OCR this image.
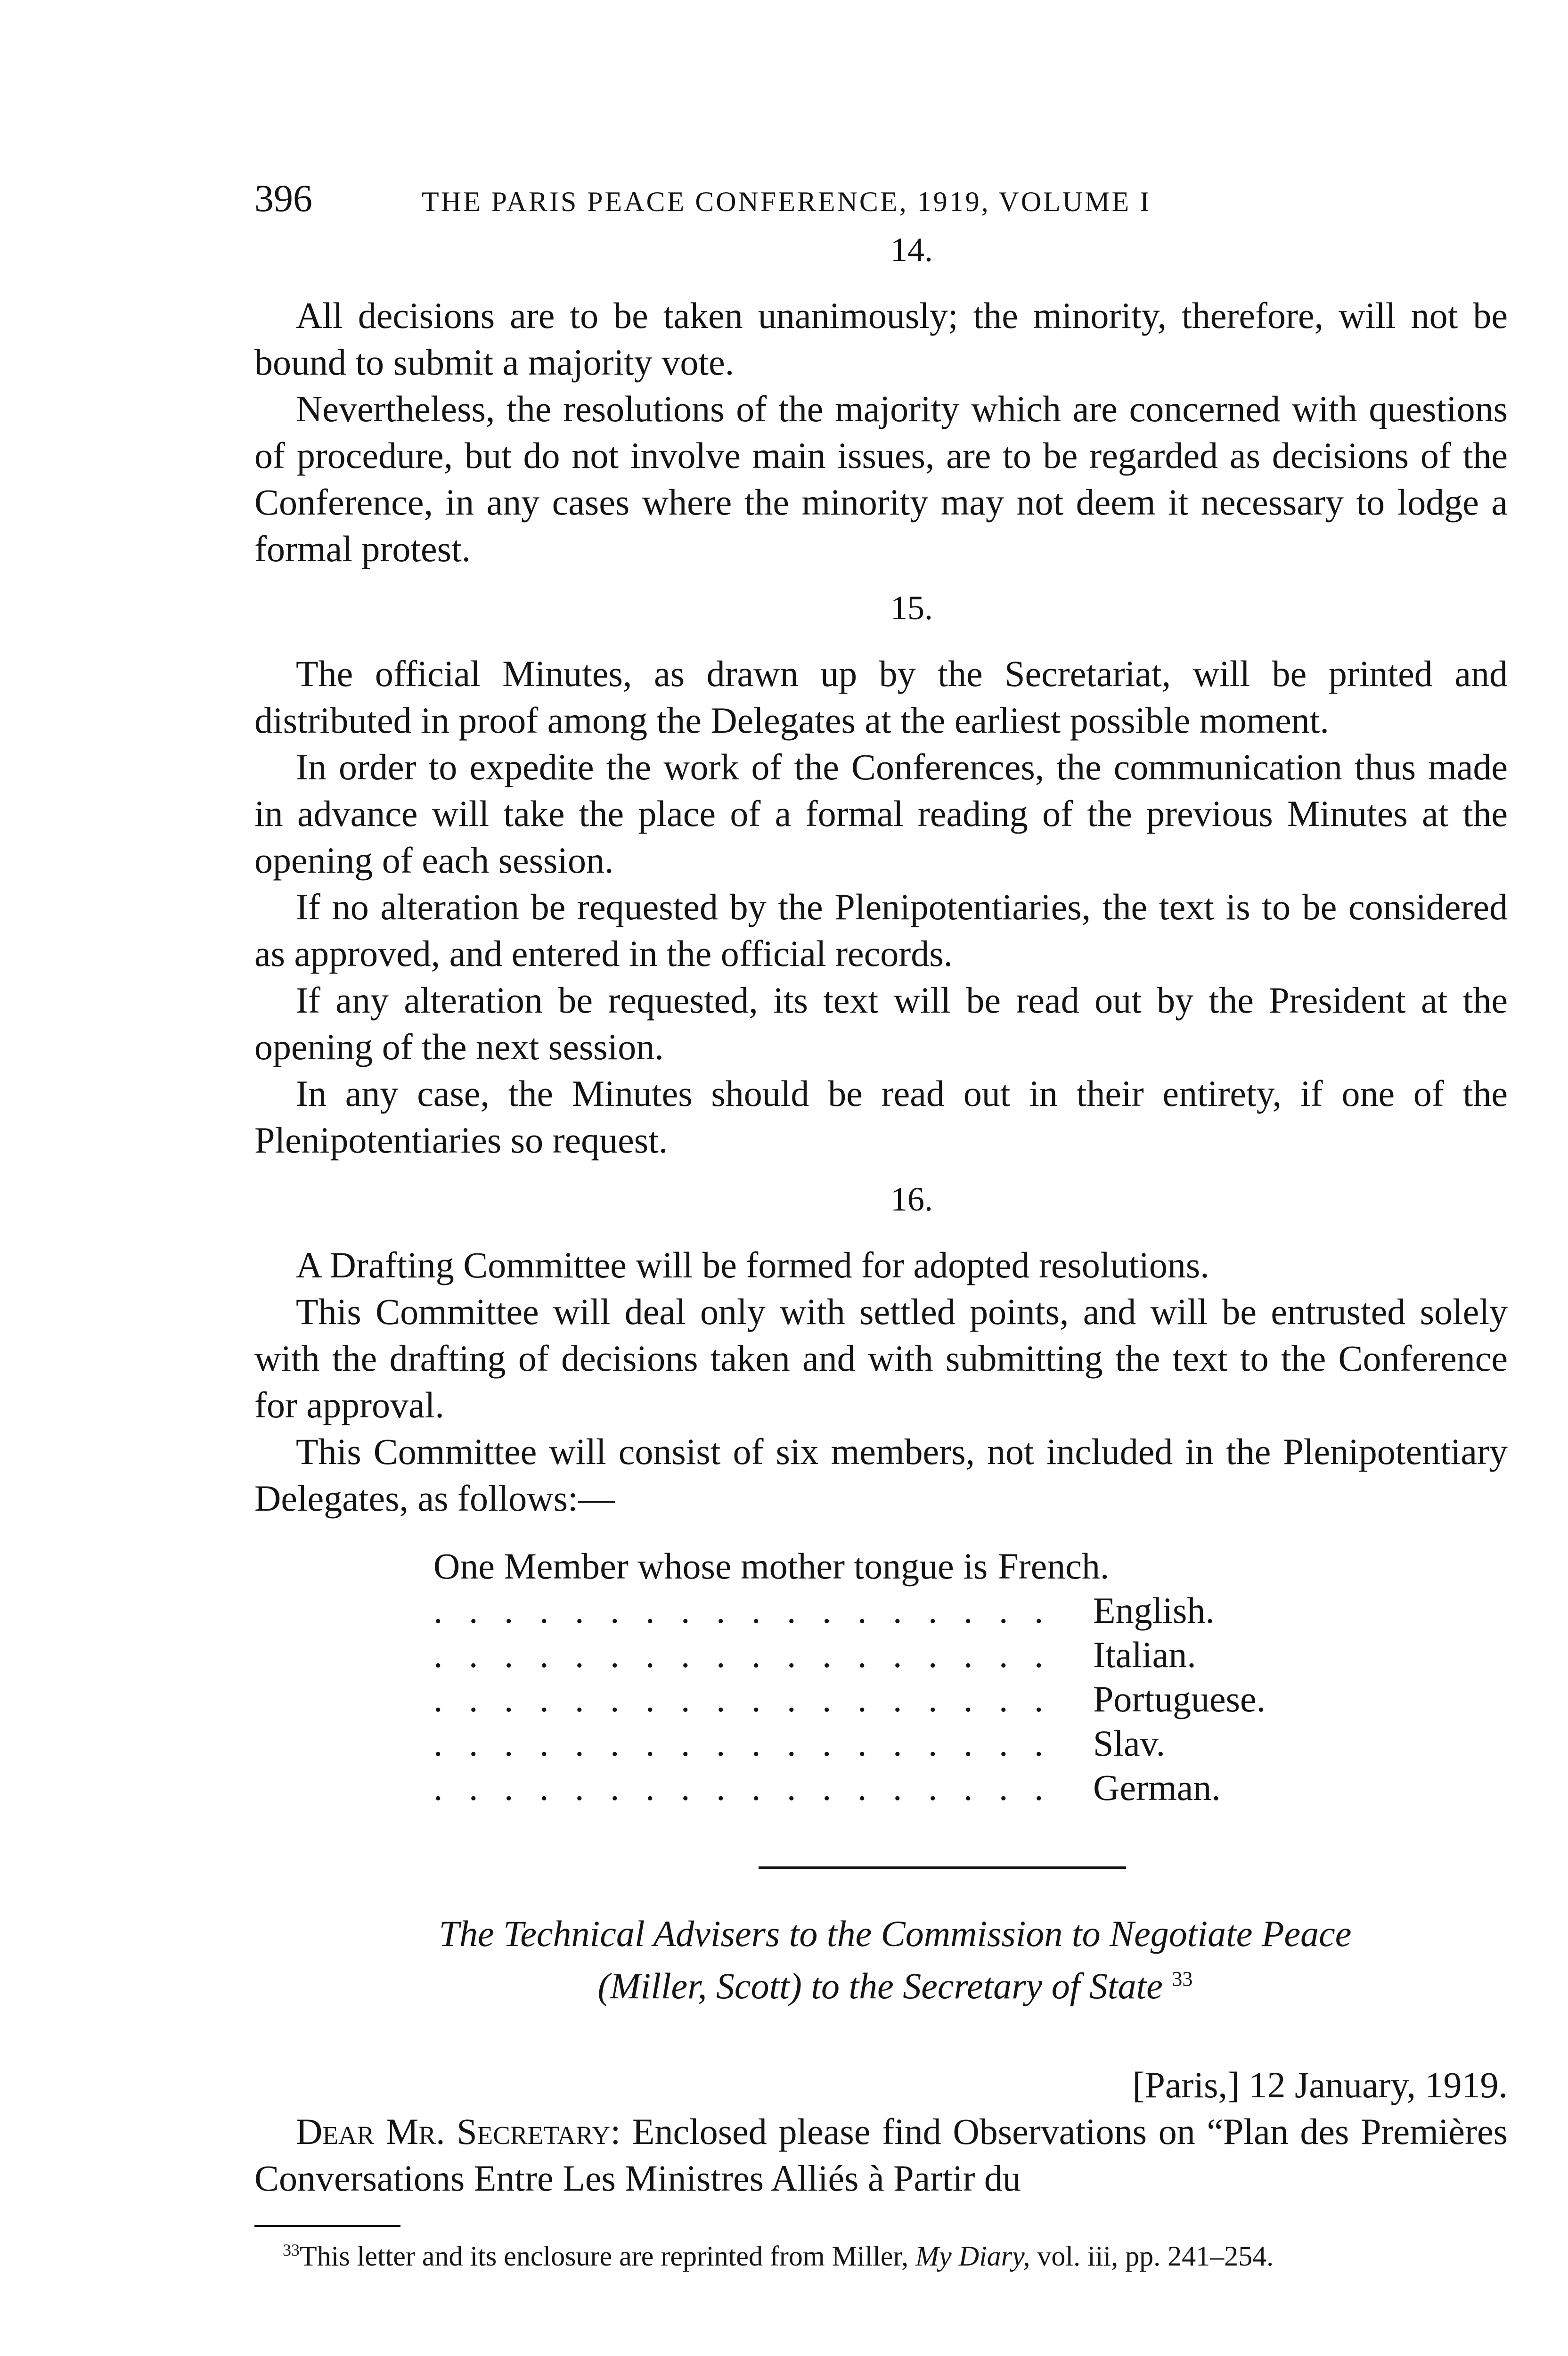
396	THE PARIS PEACE CONFERENCE, 1919, VOLUME I
14.

All decisions are to be taken unanimously; the minority, therefore, will not be bound to submit a majority vote.

Nevertheless, the resolutions of the majority which are concerned with questions of procedure, but do not involve main issues, are to be regarded as decisions of the Conference, in any cases where the minority may not deem it necessary to lodge a formal protest.

15.

The official Minutes, as drawn up by the Secretariat, will be printed and distributed in proof among the Delegates at the earliest possible moment.

In order to expedite the work of the Conferences, the communication thus made in advance will take the place of a formal reading of the previous Minutes at the opening of each session.

If no alteration be requested by the Plenipotentiaries, the text is to be considered as approved, and entered in the official records.

If any alteration be requested, its text will be read out by the President at the opening of the next session.

In any case, the Minutes should be read out in their entirety, if one of the Plenipotentiaries so request.

16.

A Drafting Committee will be formed for adopted resolutions.

This Committee will deal only with settled points, and will be entrusted solely with the drafting of decisions taken and with submitting the text to the Conference for approval.

This Committee will consist of six members, not included in the Plenipotentiary Delegates, as follows:—

One Member whose mother tongue is French.
. . . . . . . . . . . . . . . . . .	English.
. . . . . . . . . . . . . . . . . .	Italian.
. . . . . . . . . . . . . . . . . .	Portuguese.
. . . . . . . . . . . . . . . . . .	Slav.
. . . . . . . . . . . . . . . . . .	German.
The Technical Advisers to the Commission to Negotiate Peace
(Miller, Scott) to the Secretary of State $^{33}$
[Paris,] 12 January, 1919.

Dear Mr. Secretary: Enclosed please find Observations on “Plan des Premières Conversations Entre Les Ministres Alliés à Partir du

$^{33}$This letter and its enclosure are reprinted from Miller, My Diary, vol. iii, pp. 241–254.
